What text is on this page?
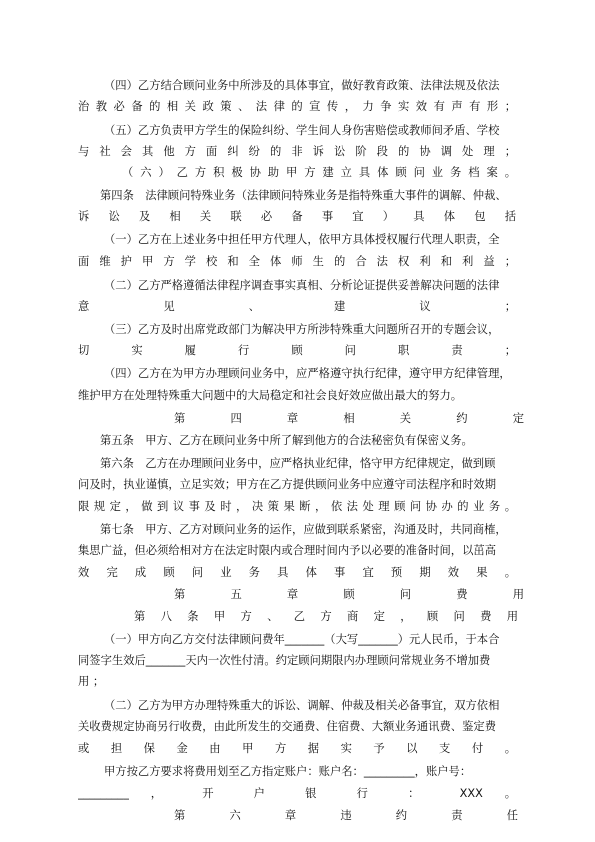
（四）乙方结合顾问业务中所涉及的具体事宜，做好教育政策、法律法规及依法
治 教 必 备 的 相 关 政 策 、 法 律 的 宣 传 ， 力 争 实 效 有 声 有 形 ；
（五）乙方负责甲方学生的保险纠纷、学生间人身伤害赔偿或教师间矛盾、学校
与 社 会 其 他 方 面 纠 纷 的 非 诉 讼 阶 段 的 协 调 处 理 ；
（ 六 ） 乙 方 积 极 协 助 甲 方 建 立 具 体 顾 问 业 务 档 案 。
第四条　法律顾问特殊业务（法律顾问特殊业务是指特殊重大事件的调解、仲裁、
诉 讼 及 相 关 联 必 备 事 宜 ） 具 体 包 括
（一）乙方在上述业务中担任甲方代理人，依甲方具体授权履行代理人职责，全
面 维 护 甲 方 学 校 和 全 体 师 生 的 合 法 权 利 和 利 益 ；
（二）乙方严格遵循法律程序调查事实真相、分析论证提供妥善解决问题的法律
意 见 、 建 议 ；
（三）乙方及时出席党政部门为解决甲方所涉特殊重大问题所召开的专题会议，
切 实 履 行 顾 问 职 责 ；
（四）乙方在为甲方办理顾问业务中，应严格遵守执行纪律，遵守甲方纪律管理，
维护甲方在处理特殊重大问题中的大局稳定和社会良好效应做出最大的努力。
第 四 章 相 关 约 定
第五条　甲方、乙方在顾问业务中所了解到他方的合法秘密负有保密义务。
第六条　乙方在办理顾问业务中，应严格执业纪律，恪守甲方纪律规定，做到顾
问及时，执业谨慎，立足实效；甲方在乙方提供顾问业务中应遵守司法程序和时效期
限 规 定 ， 做 到 议 事 及 时 ， 决 策 果 断 ， 依 法 处 理 顾 问 协 办 的 业 务 。
第七条　甲方、乙方对顾问业务的运作，应做到联系紧密，沟通及时，共同商榷，
集思广益，但必须给相对方在法定时限内或合理时间内予以必要的准备时间，以茁高
效 完 成 顾 问 业 务 具 体 事 宜 预 期 效 果 。
第 五 章 顾 问 费 用
第 八 条 甲 方 、 乙 方 商 定 ， 顾 问 费 用
（一）甲方向乙方交付法律顾问费年_______（大写_______）元人民币，于本合
同签字生效后_______天内一次性付清。约定顾问期限内办理顾问常规业务不增加费
用 ；
（二）乙方为甲方办理特殊重大的诉讼、调解、仲裁及相关必备事宜，双方依相
关收费规定协商另行收费，由此所发生的交通费、住宿费、大额业务通讯费、鉴定费
或 担 保 金 由 甲 方 据 实 予 以 支 付 。
甲方按乙方要求将费用划至乙方指定账户：账户名：_________，账户号：
_________ ， 开 户 银 行 ： XXX 。
第 六 章 违 约 责 任
